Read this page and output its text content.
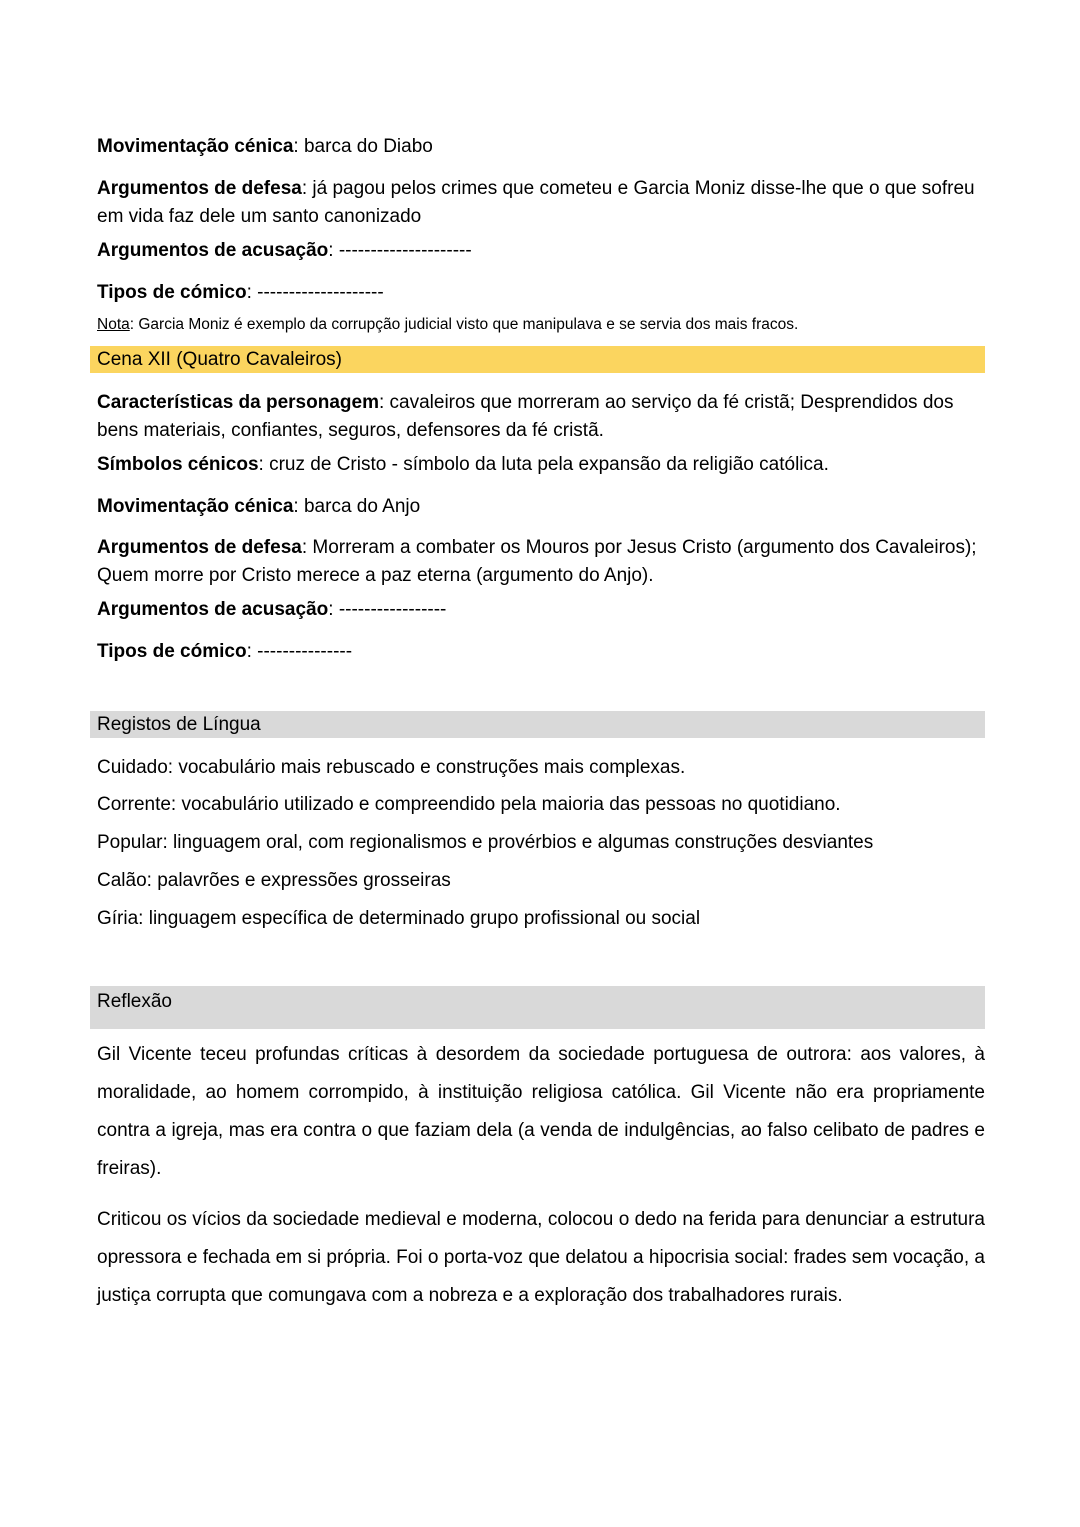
Movimentação cénica: barca do Diabo

Argumentos de defesa: já pagou pelos crimes que cometeu e Garcia Moniz disse-lhe que o que sofreu em vida faz dele um santo canonizado

Argumentos de acusação: ---------------------

Tipos de cómico: --------------------

Nota: Garcia Moniz é exemplo da corrupção judicial visto que manipulava e se servia dos mais fracos.

Cena XII (Quatro Cavaleiros)

Características da personagem: cavaleiros que morreram ao serviço da fé cristã; Desprendidos dos bens materiais, confiantes, seguros, defensores da fé cristã.

Símbolos cénicos: cruz de Cristo - símbolo da luta pela expansão da religião católica.

Movimentação cénica: barca do Anjo

Argumentos de defesa: Morreram a combater os Mouros por Jesus Cristo (argumento dos Cavaleiros); Quem morre por Cristo merece a paz eterna (argumento do Anjo).

Argumentos de acusação: -----------------

Tipos de cómico: ---------------

Registos de Língua

Cuidado: vocabulário mais rebuscado e construções mais complexas.

Corrente: vocabulário utilizado e compreendido pela maioria das pessoas no quotidiano.

Popular: linguagem oral, com regionalismos e provérbios e algumas construções desviantes

Calão: palavrões e expressões grosseiras

Gíria: linguagem específica de determinado grupo profissional ou social

Reflexão

Gil Vicente teceu profundas críticas à desordem da sociedade portuguesa de outrora: aos valores, à moralidade, ao homem corrompido, à instituição religiosa católica. Gil Vicente não era propriamente contra a igreja, mas era contra o que faziam dela (a venda de indulgências, ao falso celibato de padres e freiras).

Criticou os vícios da sociedade medieval e moderna, colocou o dedo na ferida para denunciar a estrutura opressora e fechada em si própria. Foi o porta-voz que delatou a hipocrisia social: frades sem vocação, a justiça corrupta que comungava com a nobreza e a exploração dos trabalhadores rurais.
